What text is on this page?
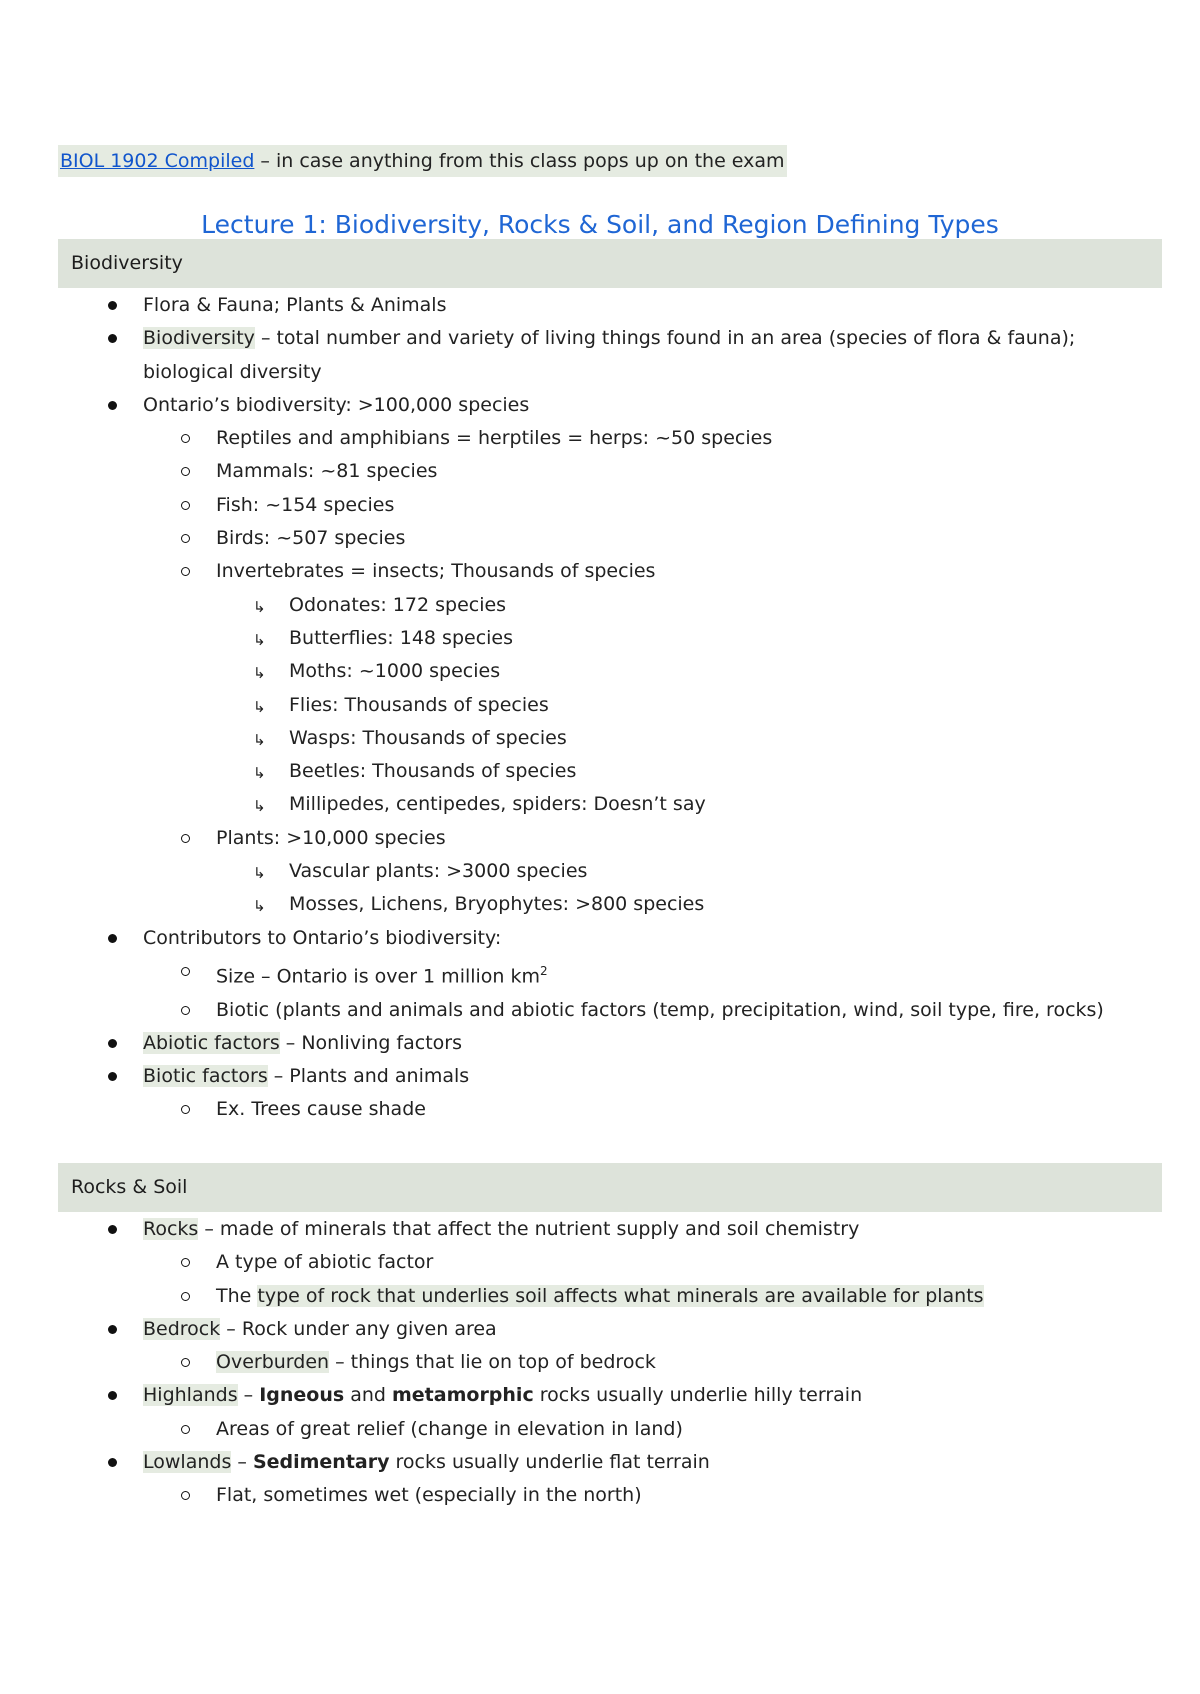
BIOL 1902 Compiled – in case anything from this class pops up on the exam
Lecture 1: Biodiversity, Rocks & Soil, and Region Defining Types
Biodiversity
Flora & Fauna; Plants & Animals
Biodiversity – total number and variety of living things found in an area (species of flora & fauna); biological diversity
Ontario’s biodiversity: >100,000 species
Reptiles and amphibians = herptiles = herps: ~50 species
Mammals: ~81 species
Fish: ~154 species
Birds: ~507 species
Invertebrates = insects; Thousands of species
↳ Odonates: 172 species
↳ Butterflies: 148 species
↳ Moths: ~1000 species
↳ Flies: Thousands of species
↳ Wasps: Thousands of species
↳ Beetles: Thousands of species
↳ Millipedes, centipedes, spiders: Doesn’t say
Plants: >10,000 species
↳ Vascular plants: >3000 species
↳ Mosses, Lichens, Bryophytes: >800 species
Contributors to Ontario’s biodiversity:
Size – Ontario is over 1 million $km^2$
Biotic (plants and animals and abiotic factors (temp, precipitation, wind, soil type, fire, rocks)
Abiotic factors – Nonliving factors
Biotic factors – Plants and animals
Ex. Trees cause shade
Rocks & Soil
Rocks – made of minerals that affect the nutrient supply and soil chemistry
A type of abiotic factor
The type of rock that underlies soil affects what minerals are available for plants
Bedrock – Rock under any given area
Overburden – things that lie on top of bedrock
Highlands – Igneous and metamorphic rocks usually underlie hilly terrain
Areas of great relief (change in elevation in land)
Lowlands – Sedimentary rocks usually underlie flat terrain
Flat, sometimes wet (especially in the north)
